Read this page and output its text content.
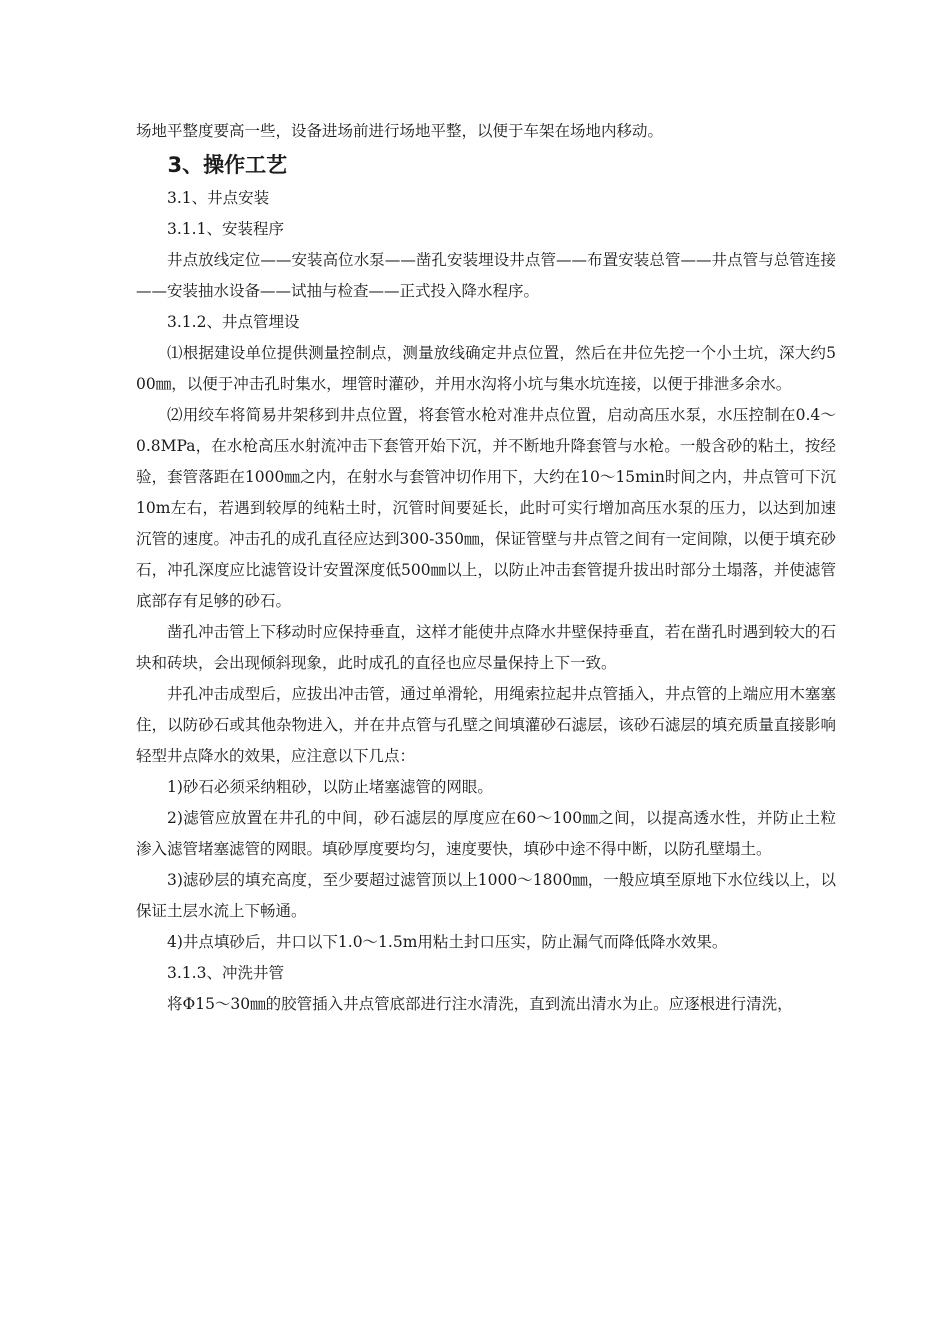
场地平整度要高一些，设备进场前进行场地平整，以便于车架在场地内移动。

3、操作工艺

3.1、井点安装

3.1.1、安装程序

井点放线定位——安装高位水泵——凿孔安装埋设井点管——布置安装总管——井点管与总管连接——安装抽水设备——试抽与检查——正式投入降水程序。

3.1.2、井点管埋设

⑴根据建设单位提供测量控制点，测量放线确定井点位置，然后在井位先挖一个小土坑，深大约500㎜，以便于冲击孔时集水，埋管时灌砂，并用水沟将小坑与集水坑连接，以便于排泄多余水。

⑵用绞车将简易井架移到井点位置，将套管水枪对准井点位置，启动高压水泵，水压控制在0.4～0.8MPa，在水枪高压水射流冲击下套管开始下沉，并不断地升降套管与水枪。一般含砂的粘土，按经验，套管落距在1000㎜之内，在射水与套管冲切作用下，大约在10～15min时间之内，井点管可下沉10m左右，若遇到较厚的纯粘土时，沉管时间要延长，此时可实行增加高压水泵的压力，以达到加速沉管的速度。冲击孔的成孔直径应达到300-350㎜，保证管壁与井点管之间有一定间隙，以便于填充砂石，冲孔深度应比滤管设计安置深度低500㎜以上，以防止冲击套管提升拔出时部分土塌落，并使滤管底部存有足够的砂石。

凿孔冲击管上下移动时应保持垂直，这样才能使井点降水井壁保持垂直，若在凿孔时遇到较大的石块和砖块，会出现倾斜现象，此时成孔的直径也应尽量保持上下一致。

井孔冲击成型后，应拔出冲击管，通过单滑轮，用绳索拉起井点管插入，井点管的上端应用木塞塞住，以防砂石或其他杂物进入，并在井点管与孔壁之间填灌砂石滤层，该砂石滤层的填充质量直接影响轻型井点降水的效果，应注意以下几点：

1)砂石必须采纳粗砂，以防止堵塞滤管的网眼。

2)滤管应放置在井孔的中间，砂石滤层的厚度应在60～100㎜之间，以提高透水性，并防止土粒渗入滤管堵塞滤管的网眼。填砂厚度要均匀，速度要快，填砂中途不得中断，以防孔壁塌土。

3)滤砂层的填充高度，至少要超过滤管顶以上1000～1800㎜，一般应填至原地下水位线以上，以保证土层水流上下畅通。

4)井点填砂后，井口以下1.0～1.5m用粘土封口压实，防止漏气而降低降水效果。

3.1.3、冲洗井管

将Φ15～30㎜的胶管插入井点管底部进行注水清洗，直到流出清水为止。应逐根进行清洗，
